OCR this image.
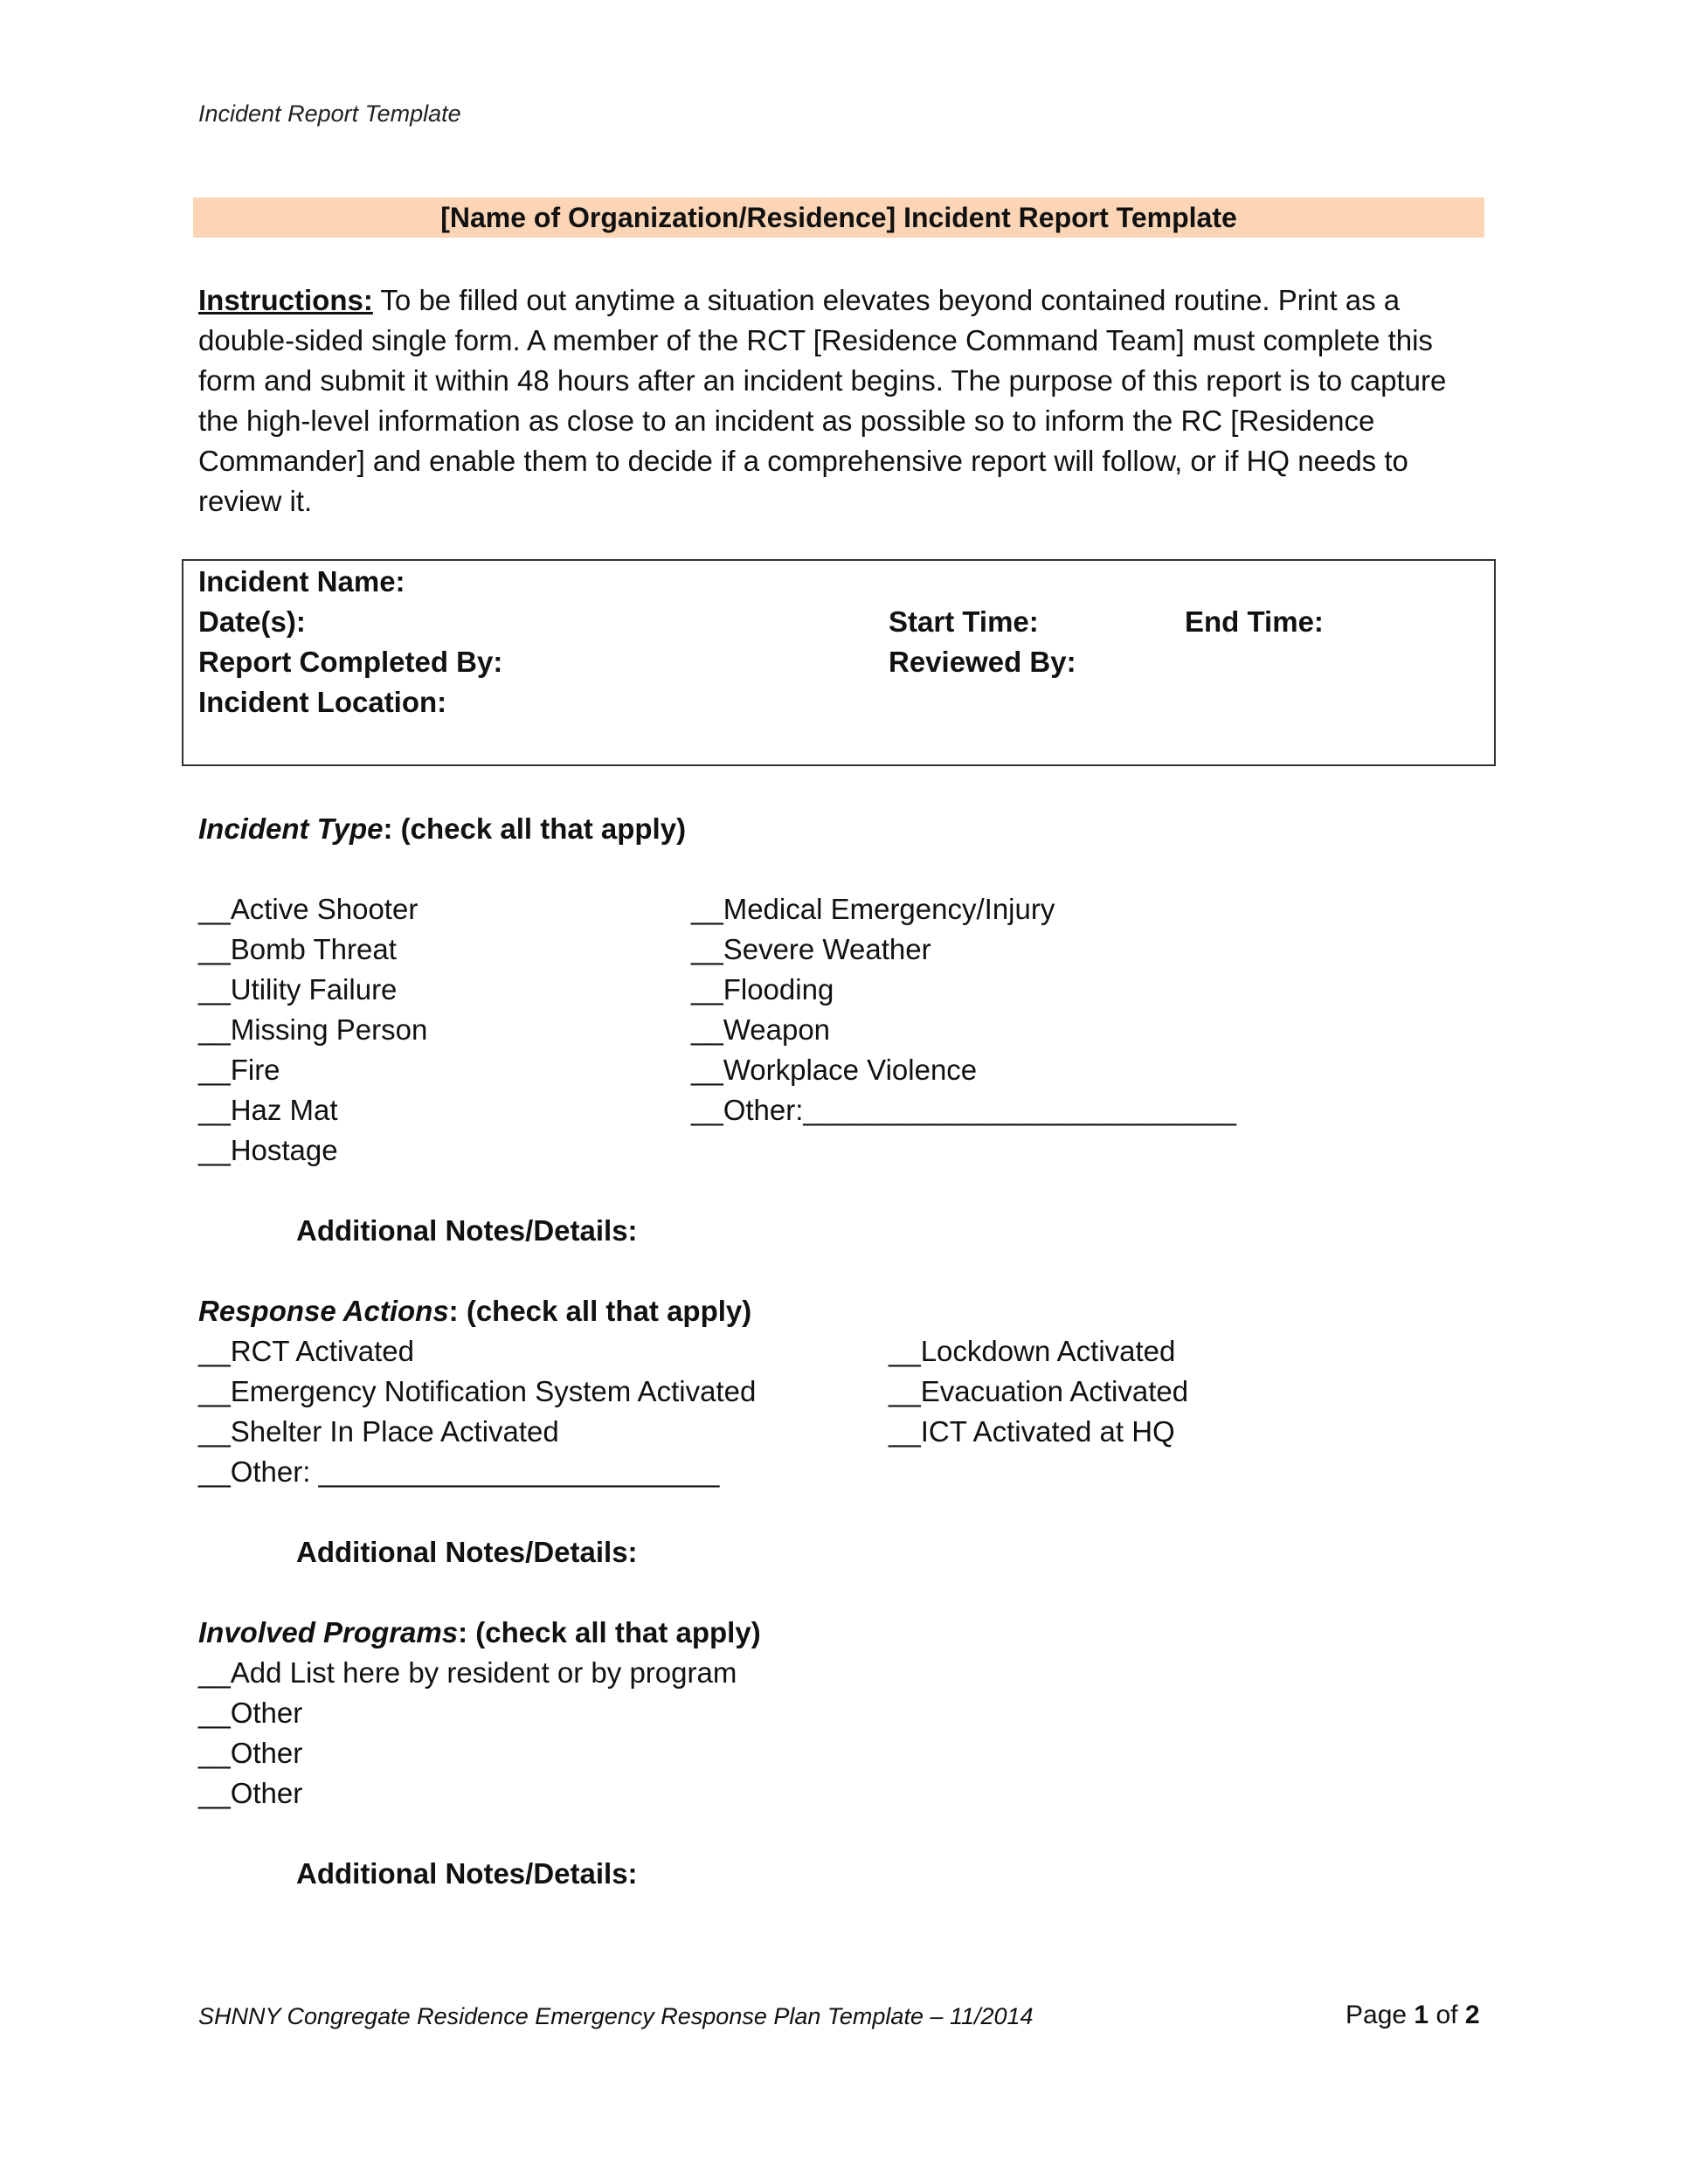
Incident Report Template
[Name of Organization/Residence] Incident Report Template
Instructions: To be filled out anytime a situation elevates beyond contained routine. Print as a double-sided single form. A member of the RCT [Residence Command Team] must complete this form and submit it within 48 hours after an incident begins. The purpose of this report is to capture the high-level information as close to an incident as possible so to inform the RC [Residence Commander] and enable them to decide if a comprehensive report will follow, or if HQ needs to review it.
Incident Name:
Date(s):	Start Time:	End Time:
Report Completed By:	Reviewed By:
Incident Location:
Incident Type: (check all that apply)
__Active Shooter
__Bomb Threat
__Utility Failure
__Missing Person
__Fire
__Haz Mat
__Hostage
__Medical Emergency/Injury
__Severe Weather
__Flooding
__Weapon
__Workplace Violence
__Other:___________________________
Additional Notes/Details:
Response Actions: (check all that apply)
__RCT Activated
__Emergency Notification System Activated
__Shelter In Place Activated
__Other: _________________________
__Lockdown Activated
__Evacuation Activated
__ICT Activated at HQ
Additional Notes/Details:
Involved Programs: (check all that apply)
__Add List here by resident or by program
__Other
__Other
__Other
Additional Notes/Details:
SHNNY Congregate Residence Emergency Response Plan Template – 11/2014	Page 1 of 2
